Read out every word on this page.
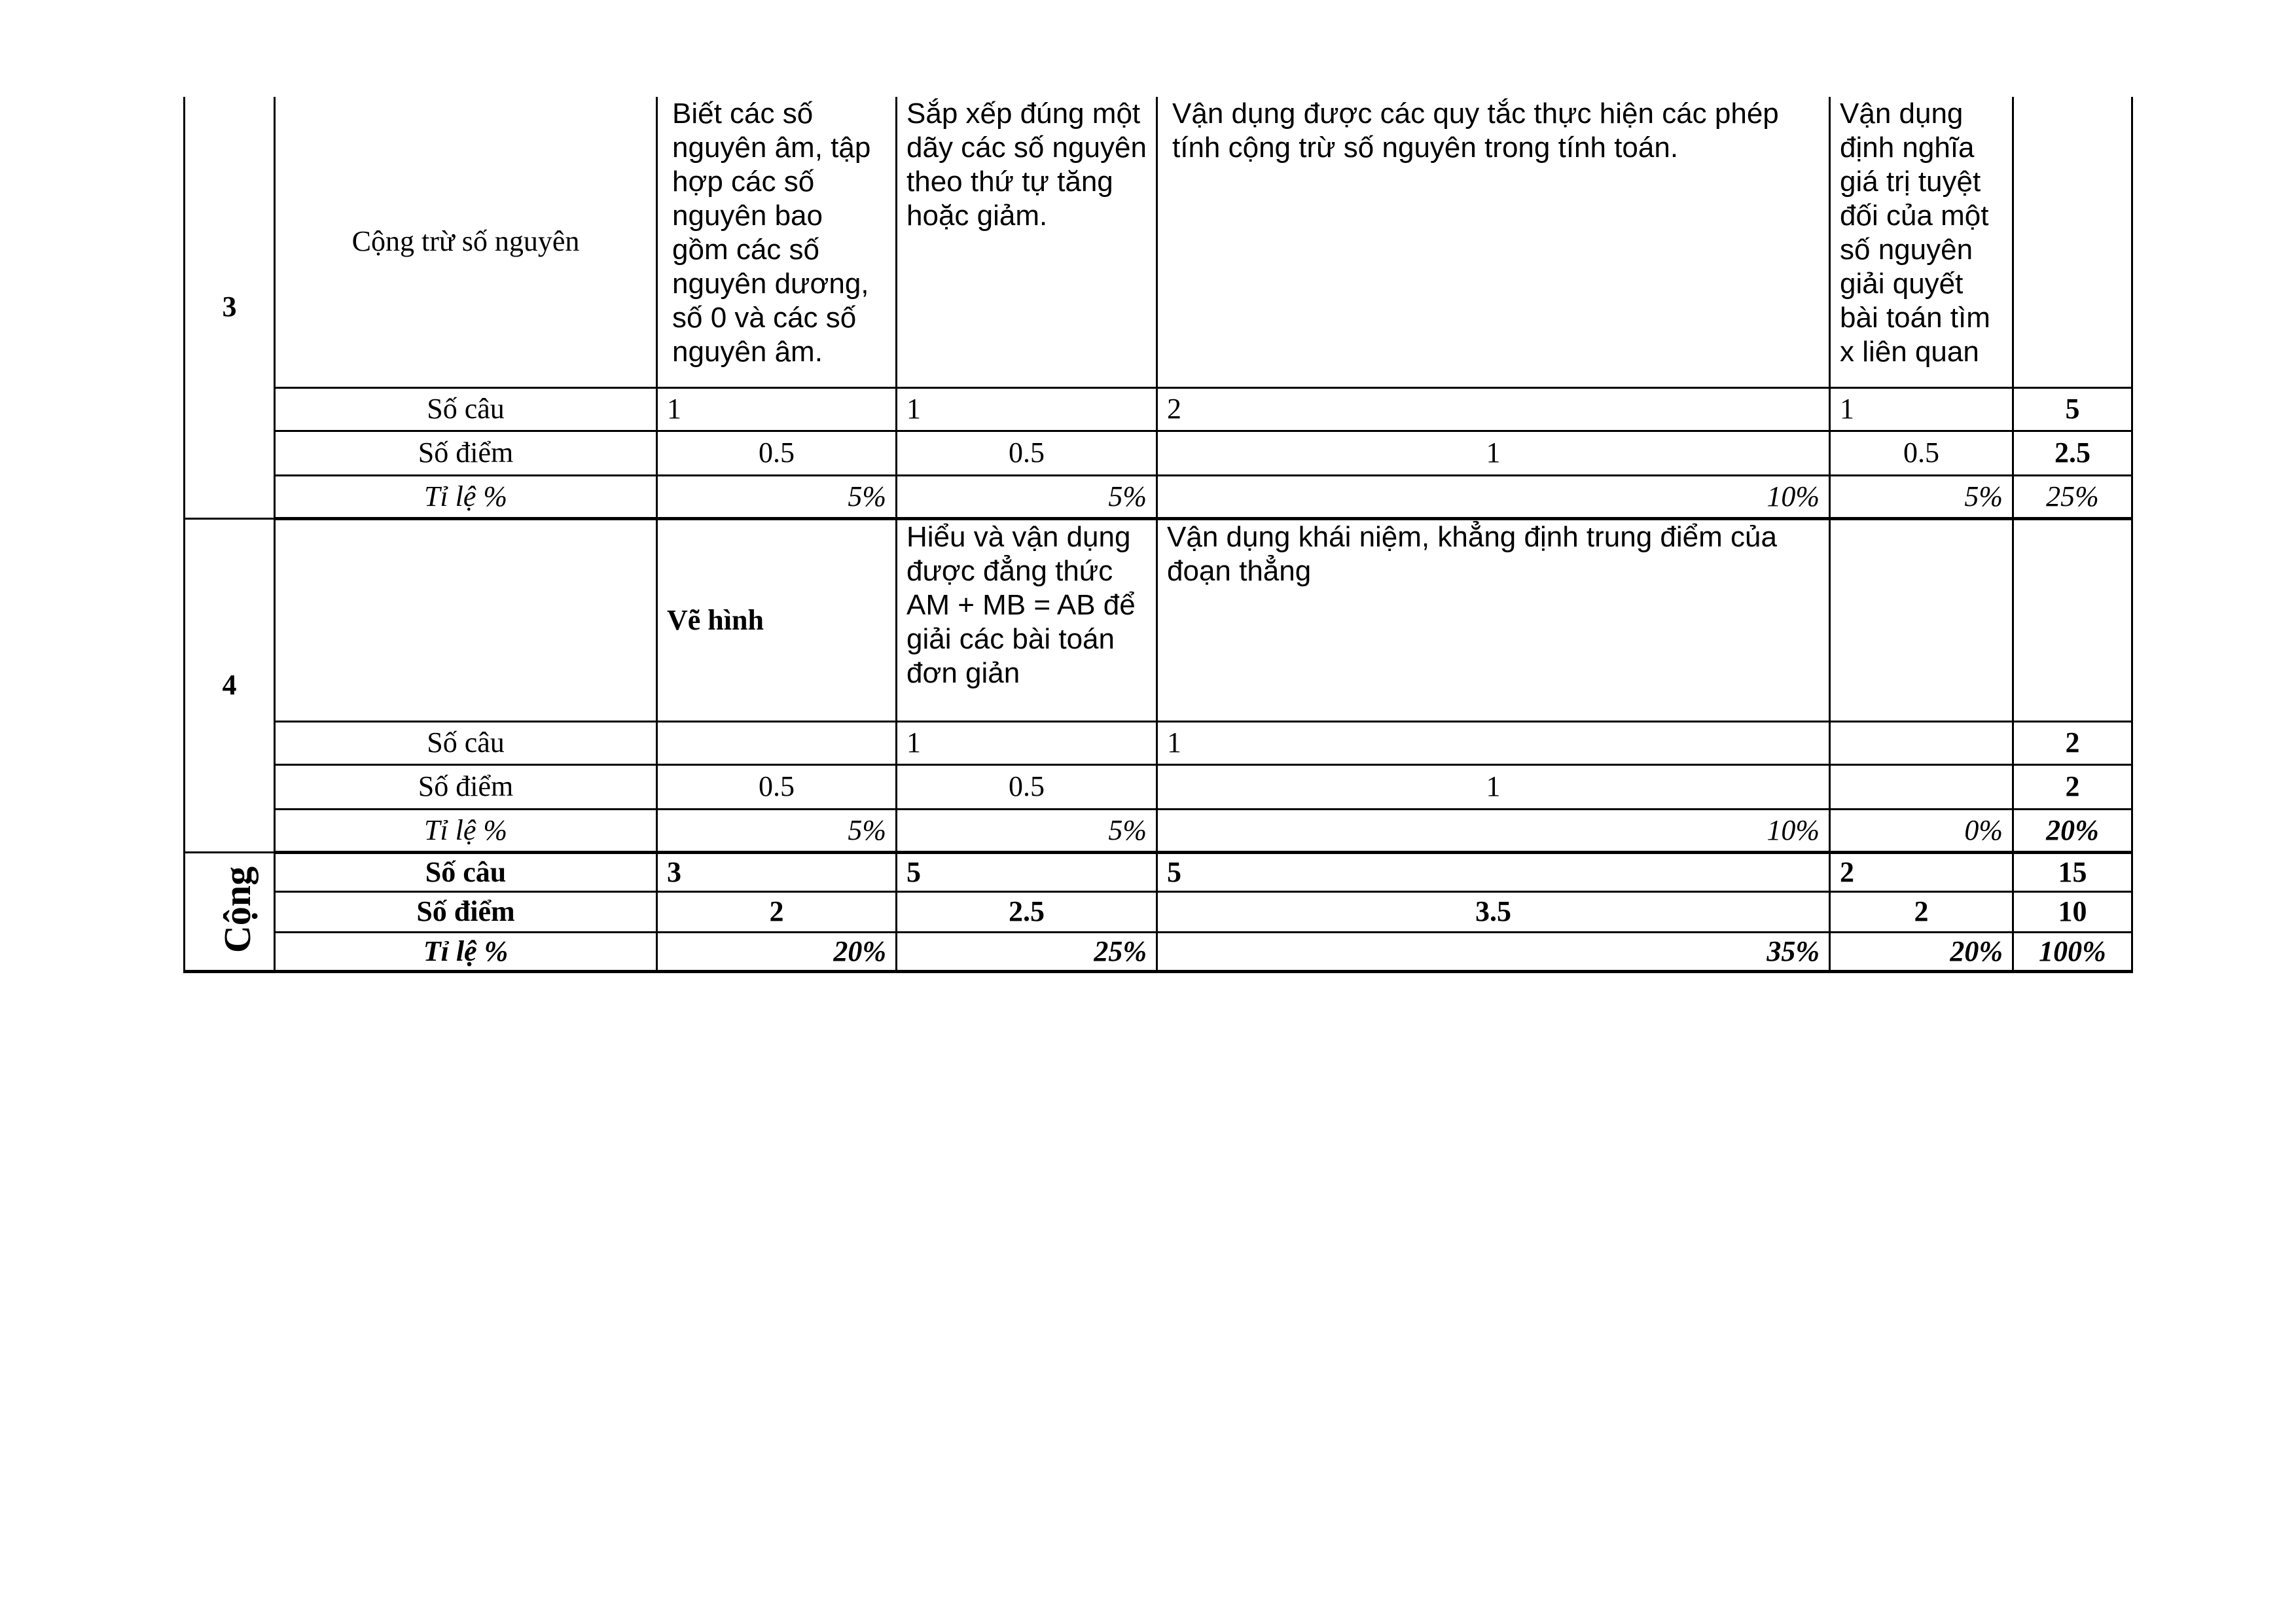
3	Cộng trừ số nguyên	Biết các số nguyên âm, tập hợp các số nguyên bao gồm các số nguyên dương, số 0 và các số nguyên âm.	Sắp xếp đúng một dãy các số nguyên theo thứ tự tăng hoặc giảm.	Vận dụng được các quy tắc thực hiện các phép tính cộng trừ số nguyên trong tính toán.	Vận dụng định nghĩa giá trị tuyệt đối của một số nguyên giải quyết bài toán tìm x liên quan	
	Số câu	1	1	2	1	5
	Số điểm	0.5	0.5	1	0.5	2.5
	Tỉ lệ %	5%	5%	10%	5%	25%
4		Vẽ hình	Hiểu và vận dụng được đẳng thức AM + MB = AB để giải các bài toán đơn giản	Vận dụng khái niệm, khẳng định trung điểm của đoạn thẳng		
	Số câu		1	1		2
	Số điểm	0.5	0.5	1		2
	Tỉ lệ %	5%	5%	10%	0%	20%
Cộng	Số câu	3	5	5	2	15
	Số điểm	2	2.5	3.5	2	10
	Tỉ lệ %	20%	25%	35%	20%	100%
